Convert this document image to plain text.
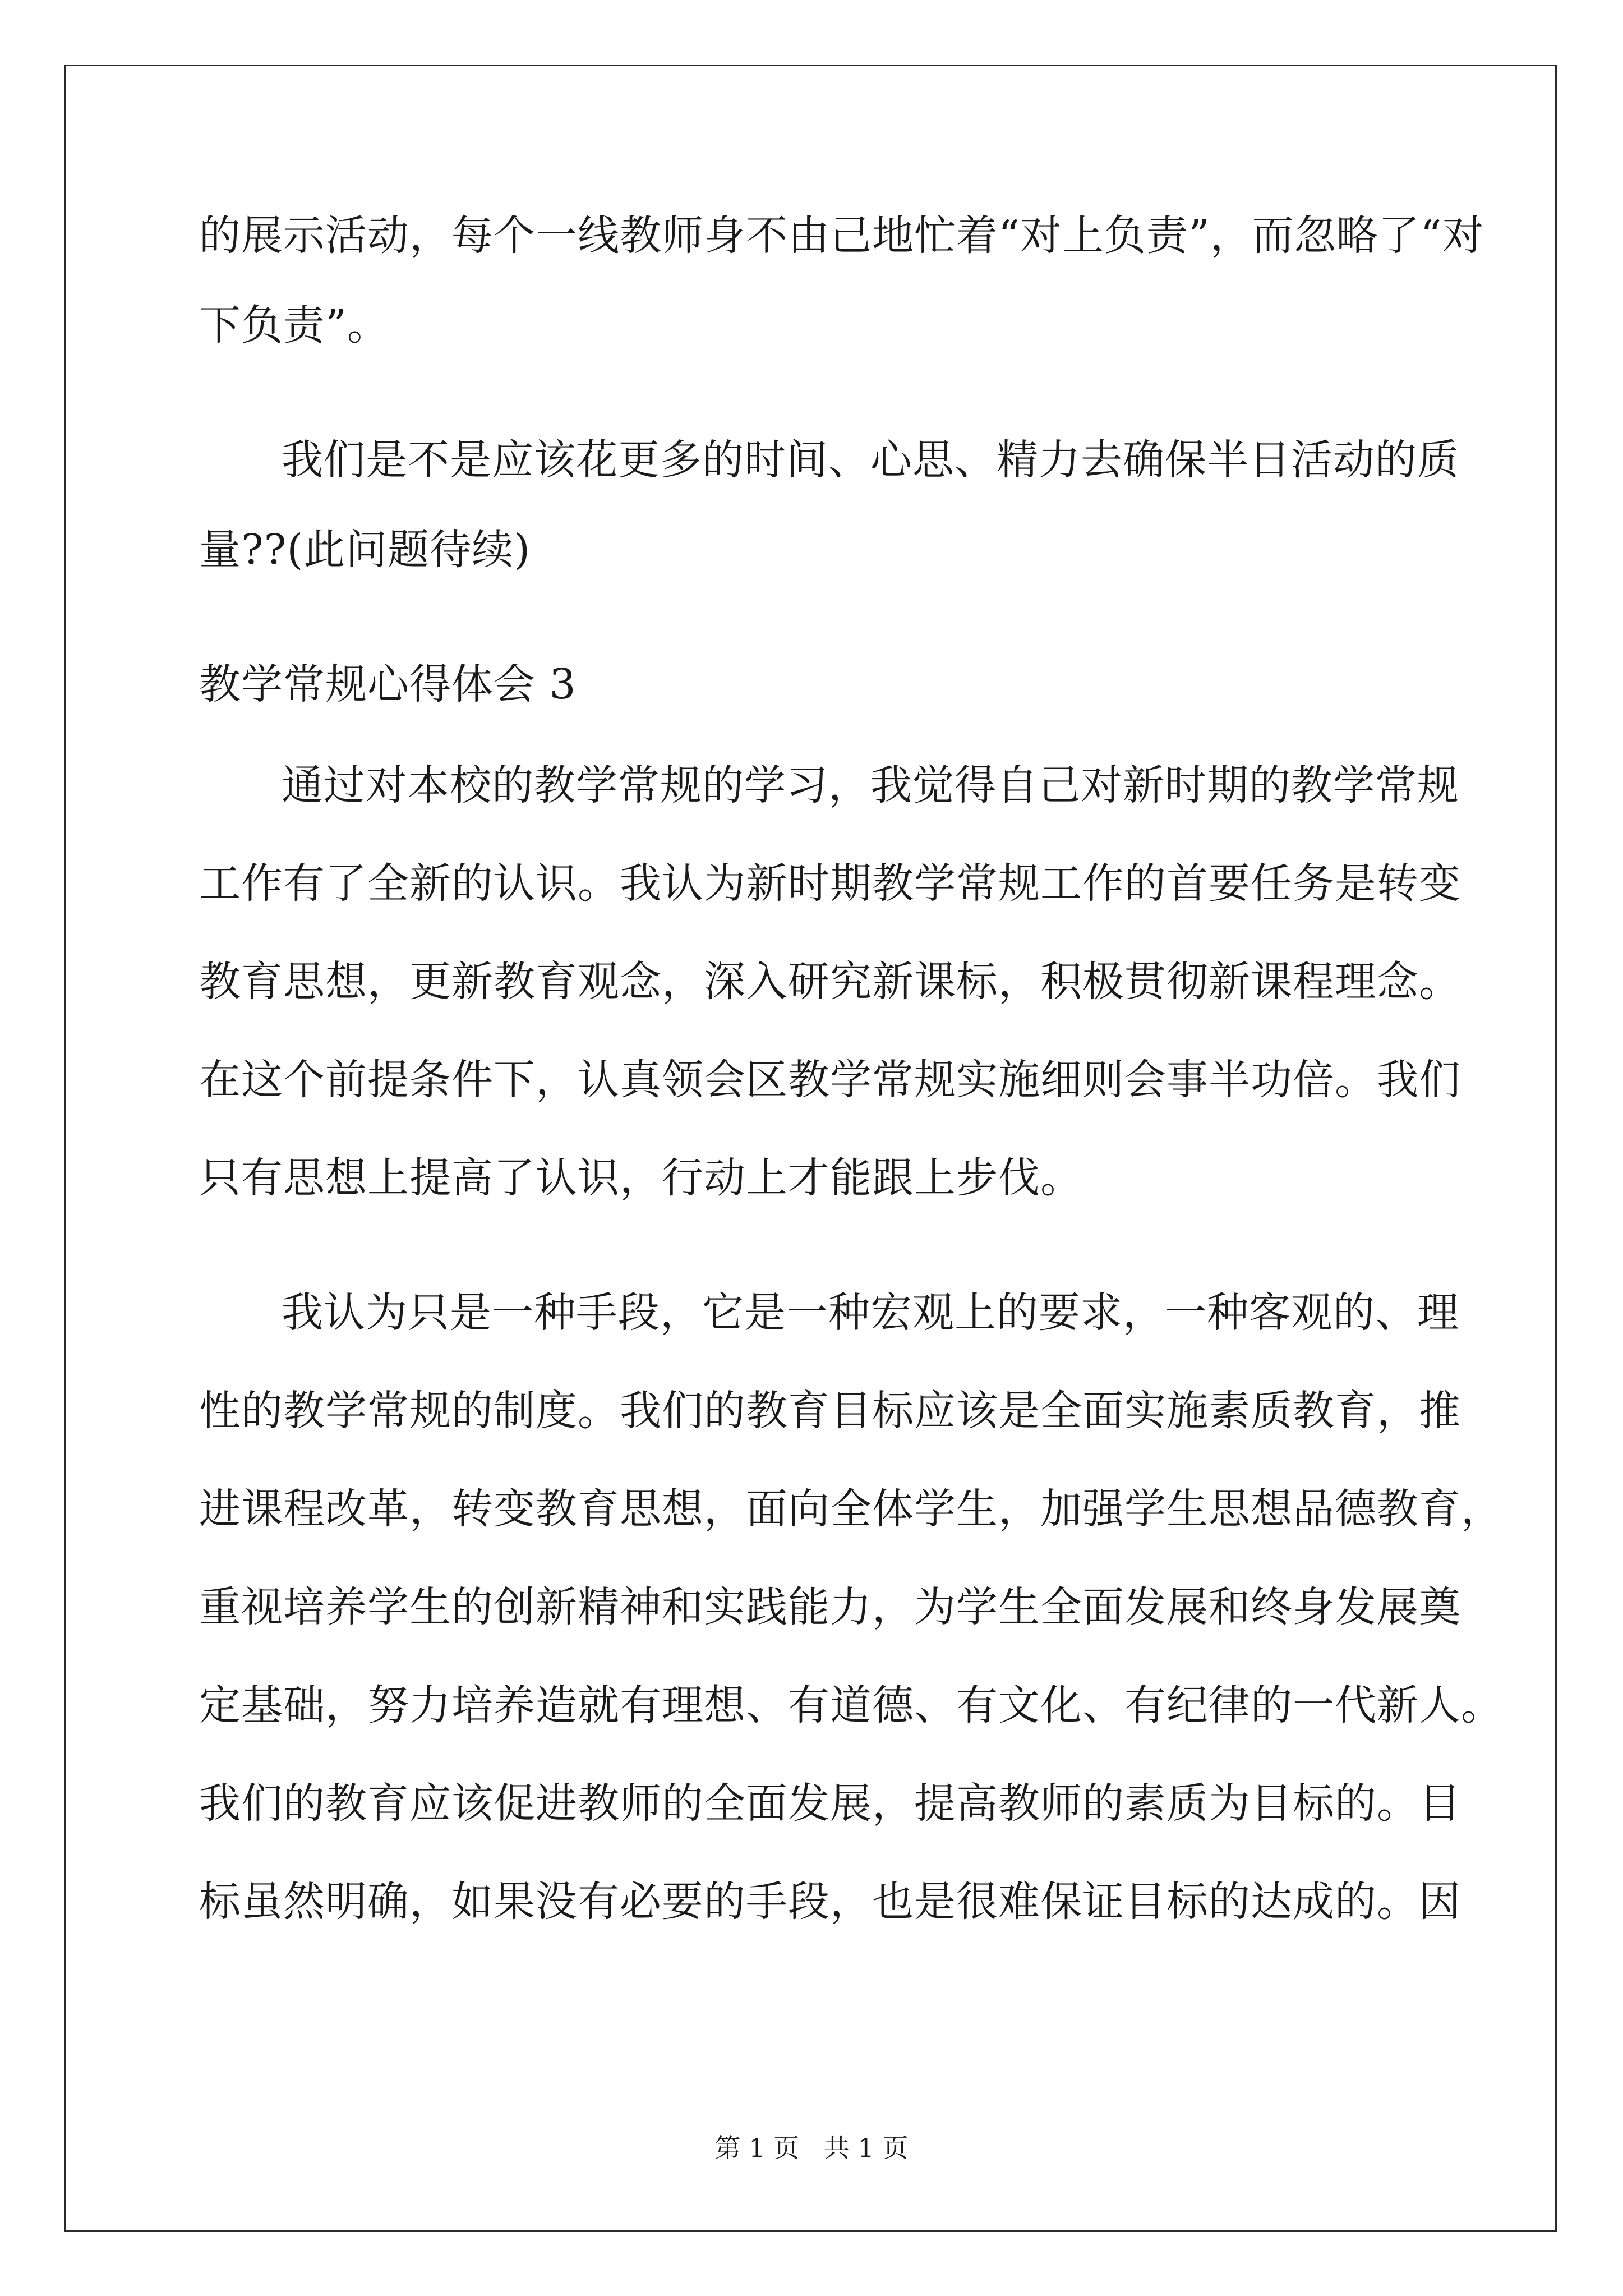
的展示活动，每个一线教师身不由己地忙着“对上负责”，而忽略了“对
下负责”。
我们是不是应该花更多的时间、心思、精力去确保半日活动的质
量??(此问题待续)
教学常规心得体会 3
通过对本校的教学常规的学习，我觉得自己对新时期的教学常规
工作有了全新的认识。我认为新时期教学常规工作的首要任务是转变
教育思想，更新教育观念，深入研究新课标，积极贯彻新课程理念。
在这个前提条件下，认真领会区教学常规实施细则会事半功倍。我们
只有思想上提高了认识，行动上才能跟上步伐。
我认为只是一种手段，它是一种宏观上的要求，一种客观的、理
性的教学常规的制度。我们的教育目标应该是全面实施素质教育，推
进课程改革，转变教育思想，面向全体学生，加强学生思想品德教育，
重视培养学生的创新精神和实践能力，为学生全面发展和终身发展奠
定基础，努力培养造就有理想、有道德、有文化、有纪律的一代新人。
我们的教育应该促进教师的全面发展，提高教师的素质为目标的。目
标虽然明确，如果没有必要的手段，也是很难保证目标的达成的。因
第 1 页   共 1 页
